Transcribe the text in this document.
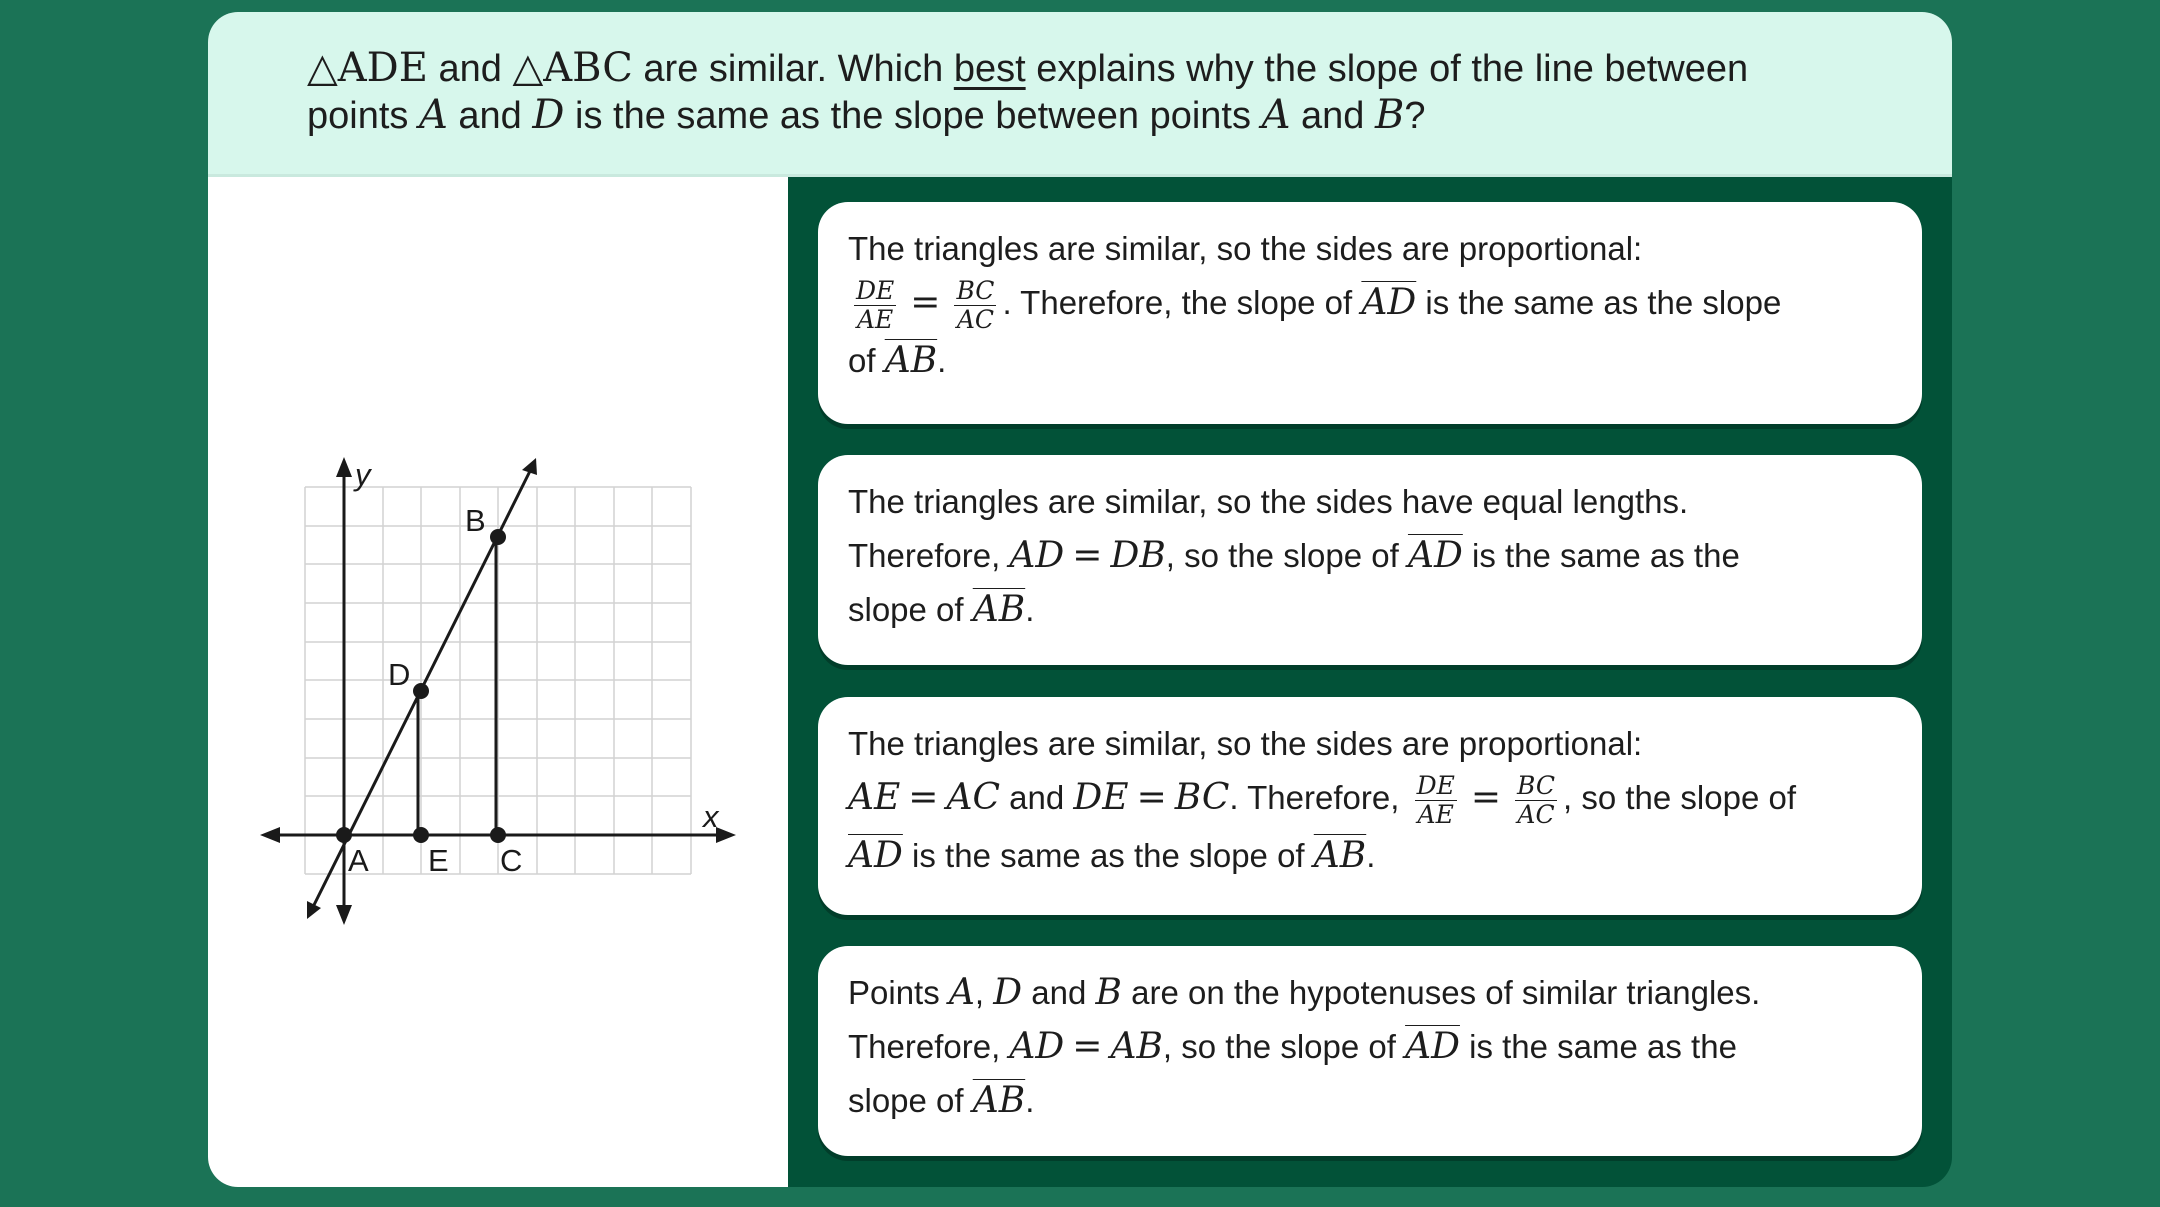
△ADE and △ABC are similar. Which best explains why the slope of the line between
points A and D is the same as the slope between points A and B?
y
x
A E C
D
B
The triangles are similar, so the sides are proportional:

$\frac{DE}{AE} = \frac{BC}{AC}$ . Therefore, the slope of $\overline{AD}$ is the same as the slope
of $\overline{AB}$.
The triangles are similar, so the sides have equal lengths.
Therefore, AD = DB, so the slope of $\overline{AD}$ is the same as the
slope of $\overline{AB}$.
The triangles are similar, so the sides are proportional:
AE = AC and DE = BC. Therefore, $\frac{DE}{AE} = \frac{BC}{AC}$ , so the slope of
$\overline{AD}$ is the same as the slope of $\overline{AB}$.
Points A, D and B are on the hypotenuses of similar triangles.
Therefore, AD = AB, so the slope of $\overline{AD}$ is the same as the
slope of $\overline{AB}$.
